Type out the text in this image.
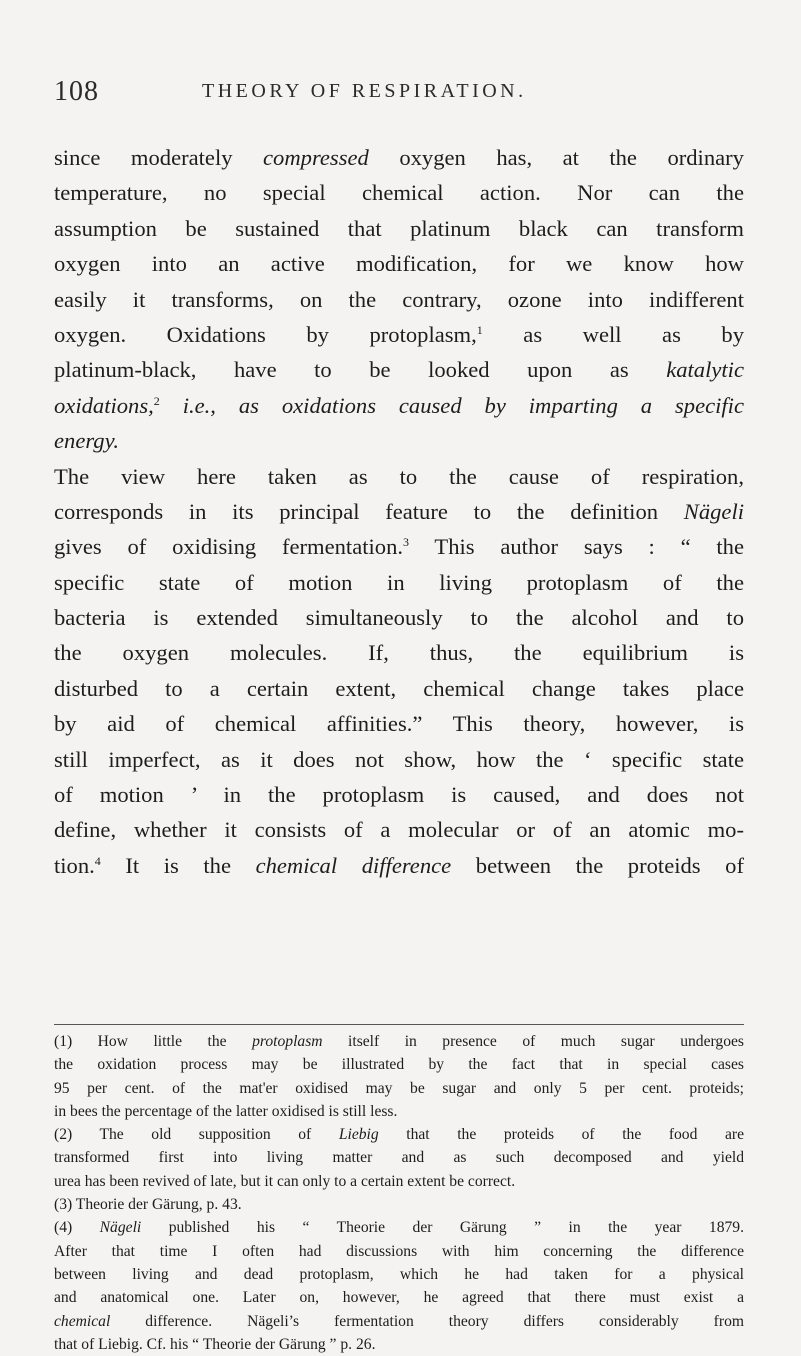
108	THEORY OF RESPIRATION.
since moderately compressed oxygen has, at the ordinary
temperature, no special chemical action. Nor can the
assumption be sustained that platinum black can transform
oxygen into an active modification, for we know how
easily it transforms, on the contrary, ozone into indifferent
oxygen. Oxidations by protoplasm,$^1$ as well as by
platinum-black, have to be looked upon as katalytic
oxidations,$^2$ i.e., as oxidations caused by imparting a specific
energy.
The view here taken as to the cause of respiration,
corresponds in its principal feature to the definition Nägeli
gives of oxidising fermentation.$^3$ This author says : “ the
specific state of motion in living protoplasm of the
bacteria is extended simultaneously to the alcohol and to
the oxygen molecules. If, thus, the equilibrium is
disturbed to a certain extent, chemical change takes place
by aid of chemical affinities.” This theory, however, is
still imperfect, as it does not show, how the ‘ specific state
of motion ’ in the protoplasm is caused, and does not
define, whether it consists of a molecular or of an atomic mo-
tion.$^4$ It is the chemical difference between the proteids of
(1) How little the protoplasm itself in presence of much sugar undergoes
the oxidation process may be illustrated by the fact that in special cases
95 per cent. of the mat'er oxidised may be sugar and only 5 per cent. proteids;
in bees the percentage of the latter oxidised is still less.
(2) The old supposition of Liebig that the proteids of the food are
transformed first into living matter and as such decomposed and yield
urea has been revived of late, but it can only to a certain extent be correct.
(3) Theorie der Gärung, p. 43.
(4) Nägeli published his “ Theorie der Gärung ” in the year 1879.
After that time I often had discussions with him concerning the difference
between living and dead protoplasm, which he had taken for a physical
and anatomical one. Later on, however, he agreed that there must exist a
chemical difference. Nägeli’s fermentation theory differs considerably from
that of Liebig. Cf. his “ Theorie der Gärung ” p. 26.
